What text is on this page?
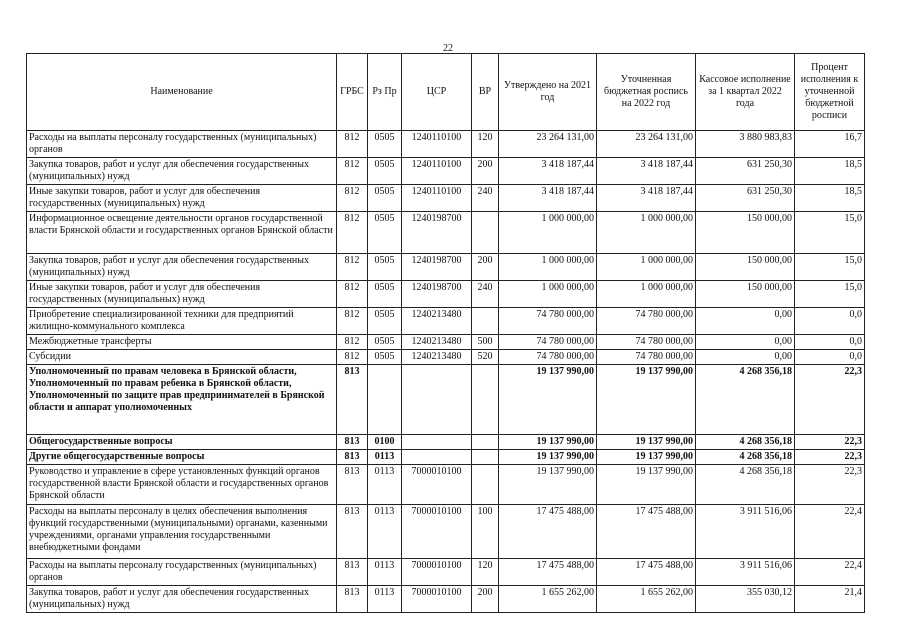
22
Наименование	ГРБС	Рз Пр	ЦСР	ВР	Утверждено на 2021 год	Уточненная бюджетная роспись на 2022 год	Кассовое исполнение за 1 квартал 2022 года	Процент исполнения к уточненной бюджетной росписи
Расходы на выплаты персоналу государственных (муниципальных) органов	812	0505	1240110100	120	23 264 131,00	23 264 131,00	3 880 983,83	16,7
Закупка товаров, работ и услуг для обеспечения государственных (муниципальных) нужд	812	0505	1240110100	200	3 418 187,44	3 418 187,44	631 250,30	18,5
Иные закупки товаров, работ и услуг для обеспечения государственных (муниципальных) нужд	812	0505	1240110100	240	3 418 187,44	3 418 187,44	631 250,30	18,5
Информационное освещение деятельности органов государственной власти Брянской области и государственных органов Брянской области	812	0505	1240198700		1 000 000,00	1 000 000,00	150 000,00	15,0
Закупка товаров, работ и услуг для обеспечения государственных (муниципальных) нужд	812	0505	1240198700	200	1 000 000,00	1 000 000,00	150 000,00	15,0
Иные закупки товаров, работ и услуг для обеспечения государственных (муниципальных) нужд	812	0505	1240198700	240	1 000 000,00	1 000 000,00	150 000,00	15,0
Приобретение специализированной техники для предприятий жилищно-коммунального комплекса	812	0505	1240213480		74 780 000,00	74 780 000,00	0,00	0,0
Межбюджетные трансферты	812	0505	1240213480	500	74 780 000,00	74 780 000,00	0,00	0,0
Субсидии	812	0505	1240213480	520	74 780 000,00	74 780 000,00	0,00	0,0
Уполномоченный по правам человека в Брянской области, Уполномоченный по правам ребенка в Брянской области, Уполномоченный по защите прав предпринимателей в Брянской области и аппарат уполномоченных	813				19 137 990,00	19 137 990,00	4 268 356,18	22,3
Общегосударственные вопросы	813	0100			19 137 990,00	19 137 990,00	4 268 356,18	22,3
Другие общегосударственные вопросы	813	0113			19 137 990,00	19 137 990,00	4 268 356,18	22,3
Руководство и управление в сфере установленных функций органов государственной власти Брянской области и государственных органов Брянской области	813	0113	7000010100		19 137 990,00	19 137 990,00	4 268 356,18	22,3
Расходы на выплаты персоналу в целях обеспечения выполнения функций государственными (муниципальными) органами, казенными учреждениями, органами управления государственными внебюджетными фондами	813	0113	7000010100	100	17 475 488,00	17 475 488,00	3 911 516,06	22,4
Расходы на выплаты персоналу государственных (муниципальных) органов	813	0113	7000010100	120	17 475 488,00	17 475 488,00	3 911 516,06	22,4
Закупка товаров, работ и услуг для обеспечения государственных (муниципальных) нужд	813	0113	7000010100	200	1 655 262,00	1 655 262,00	355 030,12	21,4
